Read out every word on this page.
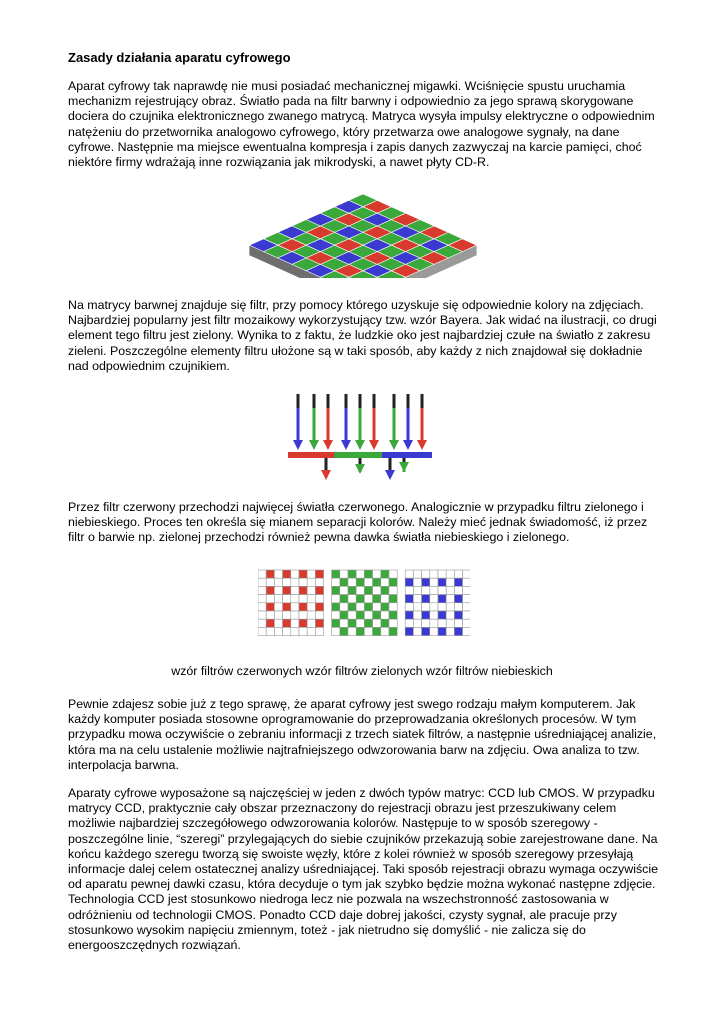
Zasady działania aparatu cyfrowego

Aparat cyfrowy tak naprawdę nie musi posiadać mechanicznej migawki. Wciśnięcie spustu uruchamia mechanizm rejestrujący obraz. Światło pada na filtr barwny i odpowiednio za jego sprawą skorygowane dociera do czujnika elektronicznego zwanego matrycą. Matryca wysyła impulsy elektryczne o odpowiednim natężeniu do przetwornika analogowo cyfrowego, który przetwarza owe analogowe sygnały, na dane cyfrowe. Następnie ma miejsce ewentualna kompresja i zapis danych zazwyczaj na karcie pamięci, choć niektóre firmy wdrażają inne rozwiązania jak mikrodyski, a nawet płyty CD-R.

Na matrycy barwnej znajduje się filtr, przy pomocy którego uzyskuje się odpowiednie kolory na zdjęciach. Najbardziej popularny jest filtr mozaikowy wykorzystujący tzw. wzór Bayera. Jak widać na ilustracji, co drugi element tego filtru jest zielony. Wynika to z faktu, że ludzkie oko jest najbardziej czułe na światło z zakresu zieleni. Poszczególne elementy filtru ułożone są w taki sposób, aby każdy z nich znajdował się dokładnie nad odpowiednim czujnikiem.

Przez filtr czerwony przechodzi najwięcej światła czerwonego. Analogicznie w przypadku filtru zielonego i niebieskiego. Proces ten określa się mianem separacji kolorów. Należy mieć jednak świadomość, iż przez filtr o barwie np. zielonej przechodzi również pewna dawka światła niebieskiego i zielonego.

wzór filtrów czerwonych wzór filtrów zielonych wzór filtrów niebieskich

Pewnie zdajesz sobie już z tego sprawę, że aparat cyfrowy jest swego rodzaju małym komputerem. Jak każdy komputer posiada stosowne oprogramowanie do przeprowadzania określonych procesów. W tym przypadku mowa oczywiście o zebraniu informacji z trzech siatek filtrów, a następnie uśredniającej analizie, która ma na celu ustalenie możliwie najtrafniejszego odwzorowania barw na zdjęciu. Owa analiza to tzw. interpolacja barwna.

Aparaty cyfrowe wyposażone są najczęściej w jeden z dwóch typów matryc: CCD lub CMOS. W przypadku matrycy CCD, praktycznie cały obszar przeznaczony do rejestracji obrazu jest przeszukiwany celem możliwie najbardziej szczegółowego odwzorowania kolorów. Następuje to w sposób szeregowy - poszczególne linie, “szeregi” przylegających do siebie czujników przekazują sobie zarejestrowane dane. Na końcu każdego szeregu tworzą się swoiste węzły, które z kolei również w sposób szeregowy przesyłają informacje dalej celem ostatecznej analizy uśredniającej. Taki sposób rejestracji obrazu wymaga oczywiście od aparatu pewnej dawki czasu, która decyduje o tym jak szybko będzie można wykonać następne zdjęcie. Technologia CCD jest stosunkowo niedroga lecz nie pozwala na wszechstronność zastosowania w odróżnieniu od technologii CMOS. Ponadto CCD daje dobrej jakości, czysty sygnał, ale pracuje przy stosunkowo wysokim napięciu zmiennym, toteż - jak nietrudno się domyślić - nie zalicza się do energooszczędnych rozwiązań.
